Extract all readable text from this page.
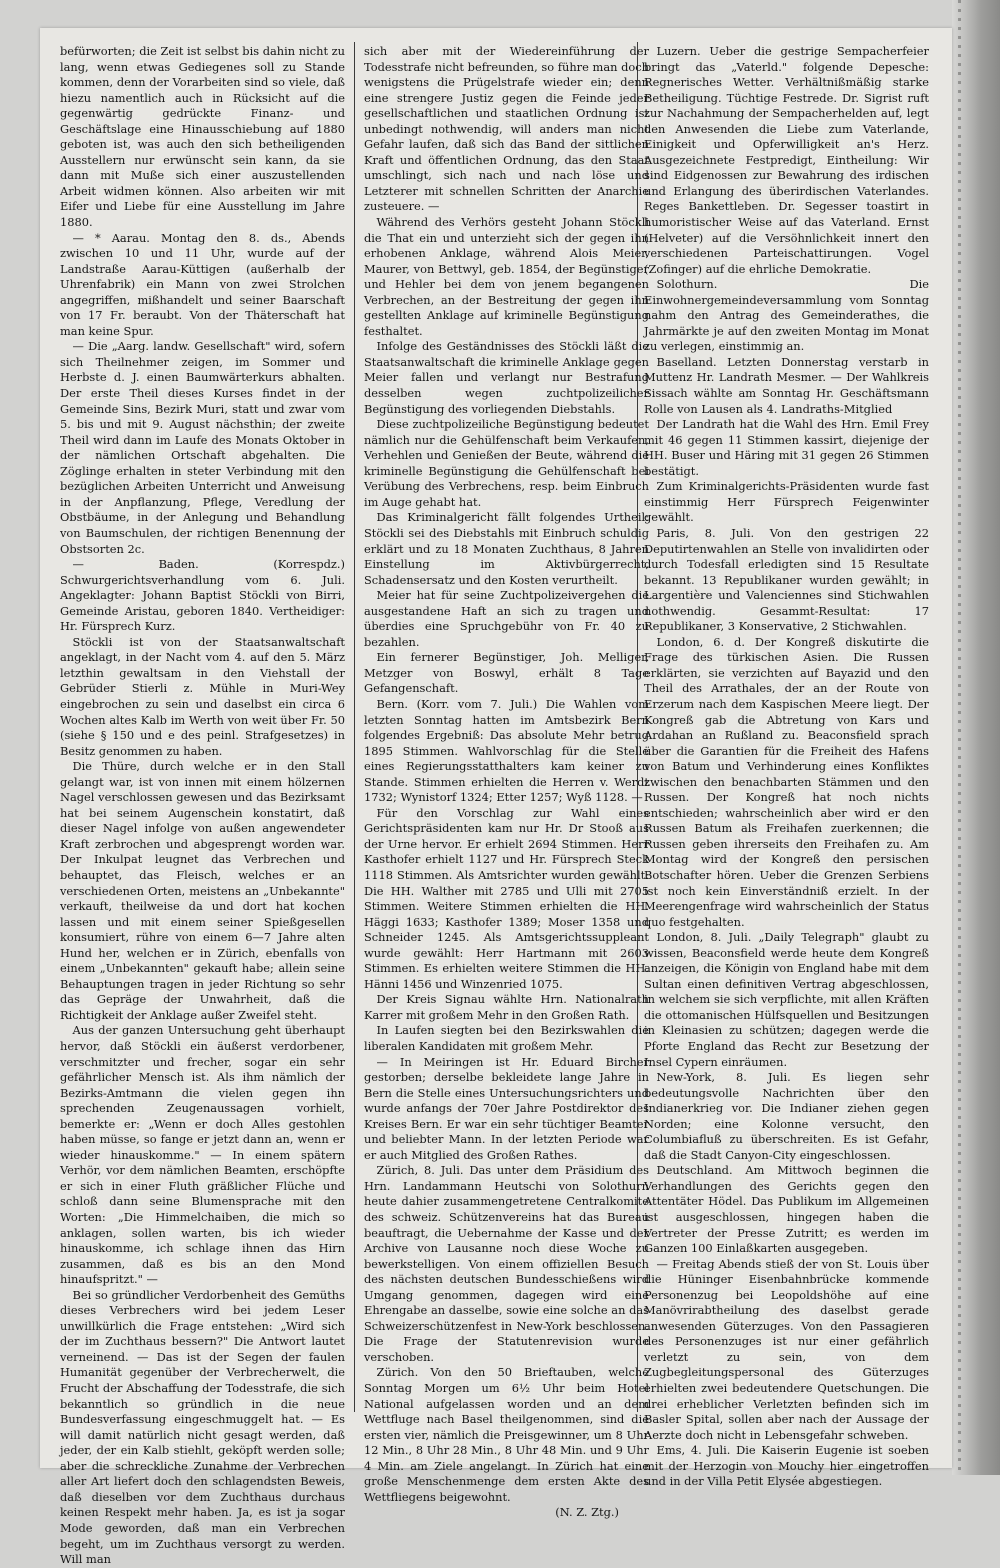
befürworten; die Zeit ist selbst bis dahin nicht zu lang, wenn etwas Gediegenes soll zu Stande kommen, denn der Vorarbeiten sind so viele, daß hiezu namentlich auch in Rücksicht auf die gegenwärtig gedrückte Finanz- und Geschäftslage eine Hinausschiebung auf 1880 geboten ist, was auch den sich betheiligenden Ausstellern nur erwünscht sein kann, da sie dann mit Muße sich einer auszustellenden Arbeit widmen können. Also arbeiten wir mit Eifer und Liebe für eine Ausstellung im Jahre 1880.

— * Aarau. Montag den 8. ds., Abends zwischen 10 und 11 Uhr, wurde auf der Landstraße Aarau-Küttigen (außerhalb der Uhrenfabrik) ein Mann von zwei Strolchen angegriffen, mißhandelt und seiner Baarschaft von 17 Fr. beraubt. Von der Thäterschaft hat man keine Spur.

— Die „Aarg. landw. Gesellschaft" wird, sofern sich Theilnehmer zeigen, im Sommer und Herbste d. J. einen Baumwärterkurs abhalten. Der erste Theil dieses Kurses findet in der Gemeinde Sins, Bezirk Muri, statt und zwar vom 5. bis und mit 9. August nächsthin; der zweite Theil wird dann im Laufe des Monats Oktober in der nämlichen Ortschaft abgehalten. Die Zöglinge erhalten in steter Verbindung mit den bezüglichen Arbeiten Unterricht und Anweisung in der Anpflanzung, Pflege, Veredlung der Obstbäume, in der Anlegung und Behandlung von Baumschulen, der richtigen Benennung der Obstsorten 2c.

— Baden. (Korrespdz.) Schwurgerichtsverhandlung vom 6. Juli. Angeklagter: Johann Baptist Stöckli von Birri, Gemeinde Aristau, geboren 1840. Vertheidiger: Hr. Fürsprech Kurz.

Stöckli ist von der Staatsanwaltschaft angeklagt, in der Nacht vom 4. auf den 5. März letzthin gewaltsam in den Viehstall der Gebrüder Stierli z. Mühle in Muri-Wey eingebrochen zu sein und daselbst ein circa 6 Wochen altes Kalb im Werth von weit über Fr. 50 (siehe § 150 und e des peinl. Strafgesetzes) in Besitz genommen zu haben.

Die Thüre, durch welche er in den Stall gelangt war, ist von innen mit einem hölzernen Nagel verschlossen gewesen und das Bezirksamt hat bei seinem Augenschein konstatirt, daß dieser Nagel infolge von außen angewendeter Kraft zerbrochen und abgesprengt worden war. Der Inkulpat leugnet das Verbrechen und behauptet, das Fleisch, welches er an verschiedenen Orten, meistens an „Unbekannte" verkauft, theilweise da und dort hat kochen lassen und mit einem seiner Spießgesellen konsumiert, rühre von einem 6—7 Jahre alten Hund her, welchen er in Zürich, ebenfalls von einem „Unbekannten" gekauft habe; allein seine Behauptungen tragen in jeder Richtung so sehr das Gepräge der Unwahrheit, daß die Richtigkeit der Anklage außer Zweifel steht.

Aus der ganzen Untersuchung geht überhaupt hervor, daß Stöckli ein äußerst verdorbener, verschmitzter und frecher, sogar ein sehr gefährlicher Mensch ist. Als ihm nämlich der Bezirks-Amtmann die vielen gegen ihn sprechenden Zeugenaussagen vorhielt, bemerkte er: „Wenn er doch Alles gestohlen haben müsse, so fange er jetzt dann an, wenn er wieder hinauskomme." — In einem spätern Verhör, vor dem nämlichen Beamten, erschöpfte er sich in einer Fluth gräßlicher Flüche und schloß dann seine Blumensprache mit den Worten: „Die Himmelchaiben, die mich so anklagen, sollen warten, bis ich wieder hinauskomme, ich schlage ihnen das Hirn zusammen, daß es bis an den Mond hinaufspritzt." —

Bei so gründlicher Verdorbenheit des Gemüths dieses Verbrechers wird bei jedem Leser unwillkürlich die Frage entstehen: „Wird sich der im Zuchthaus bessern?" Die Antwort lautet verneinend. — Das ist der Segen der faulen Humanität gegenüber der Verbrecherwelt, die Frucht der Abschaffung der Todesstrafe, die sich bekanntlich so gründlich in die neue Bundesverfassung eingeschmuggelt hat. — Es will damit natürlich nicht gesagt werden, daß jeder, der ein Kalb stiehlt, geköpft werden solle; aber die schreckliche Zunahme der Verbrechen aller Art liefert doch den schlagendsten Beweis, daß dieselben vor dem Zuchthaus durchaus keinen Respekt mehr haben. Ja, es ist ja sogar Mode geworden, daß man ein Verbrechen begeht, um im Zuchthaus versorgt zu werden. Will man

sich aber mit der Wiedereinführung der Todesstrafe nicht befreunden, so führe man doch wenigstens die Prügelstrafe wieder ein; denn eine strengere Justiz gegen die Feinde jeder gesellschaftlichen und staatlichen Ordnung ist unbedingt nothwendig, will anders man nicht Gefahr laufen, daß sich das Band der sittlichen Kraft und öffentlichen Ordnung, das den Staat umschlingt, sich nach und nach löse und Letzterer mit schnellen Schritten der Anarchie zusteuere. —

Während des Verhörs gesteht Johann Stöckli die That ein und unterzieht sich der gegen ihn erhobenen Anklage, während Alois Meier, Maurer, von Bettwyl, geb. 1854, der Begünstiger und Hehler bei dem von jenem begangenen Verbrechen, an der Bestreitung der gegen ihn gestellten Anklage auf kriminelle Begünstigung festhaltet.

Infolge des Geständnisses des Stöckli läßt die Staatsanwaltschaft die kriminelle Anklage gegen Meier fallen und verlangt nur Bestrafung desselben wegen zuchtpolizeilicher Begünstigung des vorliegenden Diebstahls.

Diese zuchtpolizeiliche Begünstigung bedeutet nämlich nur die Gehülfenschaft beim Verkaufen, Verhehlen und Genießen der Beute, während die kriminelle Begünstigung die Gehülfenschaft bei Verübung des Verbrechens, resp. beim Einbruch im Auge gehabt hat.

Das Kriminalgericht fällt folgendes Urtheil: Stöckli sei des Diebstahls mit Einbruch schuldig erklärt und zu 18 Monaten Zuchthaus, 8 Jahren Einstellung im Aktivbürgerrecht, Schadensersatz und den Kosten verurtheilt.

Meier hat für seine Zuchtpolizeivergehen die ausgestandene Haft an sich zu tragen und überdies eine Spruchgebühr von Fr. 40 zu bezahlen.

Ein fernerer Begünstiger, Joh. Melliger, Metzger von Boswyl, erhält 8 Tage Gefangenschaft.

Bern. (Korr. vom 7. Juli.) Die Wahlen vom letzten Sonntag hatten im Amtsbezirk Bern folgendes Ergebniß: Das absolute Mehr betrug 1895 Stimmen. Wahlvorschlag für die Stelle eines Regierungsstatthalters kam keiner zu Stande. Stimmen erhielten die Herren v. Werdt 1732; Wynistorf 1324; Etter 1257; Wyß 1128. —

Für den Vorschlag zur Wahl eines Gerichtspräsidenten kam nur Hr. Dr Stooß aus der Urne hervor. Er erhielt 2694 Stimmen. Herr Kasthofer erhielt 1127 und Hr. Fürsprech Steck 1118 Stimmen. Als Amtsrichter wurden gewählt: Die HH. Walther mit 2785 und Ulli mit 2705 Stimmen. Weitere Stimmen erhielten die HH. Häggi 1633; Kasthofer 1389; Moser 1358 und Schneider 1245. Als Amtsgerichtssuppleant wurde gewählt: Herr Hartmann mit 2603 Stimmen. Es erhielten weitere Stimmen die HH. Hänni 1456 und Winzenried 1075.

Der Kreis Signau wählte Hrn. Nationalrath Karrer mit großem Mehr in den Großen Rath.

In Laufen siegten bei den Bezirkswahlen die liberalen Kandidaten mit großem Mehr.

— In Meiringen ist Hr. Eduard Bircher gestorben; derselbe bekleidete lange Jahre in Bern die Stelle eines Untersuchungsrichters und wurde anfangs der 70er Jahre Postdirektor des Kreises Bern. Er war ein sehr tüchtiger Beamter und beliebter Mann. In der letzten Periode war er auch Mitglied des Großen Rathes.

Zürich, 8. Juli. Das unter dem Präsidium des Hrn. Landammann Heutschi von Solothurn heute dahier zusammengetretene Centralkomite des schweiz. Schützenvereins hat das Bureau beauftragt, die Uebernahme der Kasse und der Archive von Lausanne noch diese Woche zu bewerkstelligen. Von einem offiziellen Besuch des nächsten deutschen Bundesschießens wird Umgang genommen, dagegen wird eine Ehrengabe an dasselbe, sowie eine solche an das Schweizerschützenfest in New-York beschlossen. Die Frage der Statutenrevision wurde verschoben.

Zürich. Von den 50 Brieftauben, welche Sonntag Morgen um 6½ Uhr beim Hotel National aufgelassen worden und an dem Wettfluge nach Basel theilgenommen, sind die ersten vier, nämlich die Preisgewinner, um 8 Uhr 12 Min., 8 Uhr 28 Min., 8 Uhr 48 Min. und 9 Uhr 4 Min. am Ziele angelangt. In Zürich hat eine große Menschenmenge dem ersten Akte des Wettfliegens beigewohnt.

(N. Z. Ztg.)

Luzern. Ueber die gestrige Sempacherfeier bringt das „Vaterld." folgende Depesche: Regnerisches Wetter. Verhältnißmäßig starke Betheiligung. Tüchtige Festrede. Dr. Sigrist ruft zur Nachahmung der Sempacherhelden auf, legt den Anwesenden die Liebe zum Vaterlande, Einigkeit und Opferwilligkeit an's Herz. Ausgezeichnete Festpredigt, Eintheilung: Wir sind Eidgenossen zur Bewahrung des irdischen und Erlangung des überirdischen Vaterlandes. Reges Bankettleben. Dr. Segesser toastirt in humoristischer Weise auf das Vaterland. Ernst (Helveter) auf die Versöhnlichkeit innert den verschiedenen Parteischattirungen. Vogel (Zofinger) auf die ehrliche Demokratie.

Solothurn. Die Einwohnergemeindeversammlung vom Sonntag nahm den Antrag des Gemeinderathes, die Jahrmärkte je auf den zweiten Montag im Monat zu verlegen, einstimmig an.

Baselland. Letzten Donnerstag verstarb in Muttenz Hr. Landrath Mesmer. — Der Wahlkreis Sissach wählte am Sonntag Hr. Geschäftsmann Rolle von Lausen als 4. Landraths-Mitglied

Der Landrath hat die Wahl des Hrn. Emil Frey mit 46 gegen 11 Stimmen kassirt, diejenige der HH. Buser und Häring mit 31 gegen 26 Stimmen bestätigt.

Zum Kriminalgerichts-Präsidenten wurde fast einstimmig Herr Fürsprech Feigenwinter gewählt.

Paris, 8. Juli. Von den gestrigen 22 Deputirtenwahlen an Stelle von invalidirten oder durch Todesfall erledigten sind 15 Resultate bekannt. 13 Republikaner wurden gewählt; in Largentière und Valenciennes sind Stichwahlen nothwendig. Gesammt-Resultat: 17 Republikaner, 3 Konservative, 2 Stichwahlen.

London, 6. d. Der Kongreß diskutirte die Frage des türkischen Asien. Die Russen erklärten, sie verzichten auf Bayazid und den Theil des Arrathales, der an der Route von Erzerum nach dem Kaspischen Meere liegt. Der Kongreß gab die Abtretung von Kars und Ardahan an Rußland zu. Beaconsfield sprach über die Garantien für die Freiheit des Hafens von Batum und Verhinderung eines Konfliktes zwischen den benachbarten Stämmen und den Russen. Der Kongreß hat noch nichts entschieden; wahrscheinlich aber wird er den Russen Batum als Freihafen zuerkennen; die Russen geben ihrerseits den Freihafen zu. Am Montag wird der Kongreß den persischen Botschafter hören. Ueber die Grenzen Serbiens ist noch kein Einverständniß erzielt. In der Meerengenfrage wird wahrscheinlich der Status quo festgehalten.

London, 8. Juli. „Daily Telegraph" glaubt zu wissen, Beaconsfield werde heute dem Kongreß anzeigen, die Königin von England habe mit dem Sultan einen definitiven Vertrag abgeschlossen, in welchem sie sich verpflichte, mit allen Kräften die ottomanischen Hülfsquellen und Besitzungen in Kleinasien zu schützen; dagegen werde die Pforte England das Recht zur Besetzung der Insel Cypern einräumen.

New-York, 8. Juli. Es liegen sehr bedeutungsvolle Nachrichten über den Indianerkrieg vor. Die Indianer ziehen gegen Norden; eine Kolonne versucht, den Columbiafluß zu überschreiten. Es ist Gefahr, daß die Stadt Canyon-City eingeschlossen.

Deutschland. Am Mittwoch beginnen die Verhandlungen des Gerichts gegen den Attentäter Hödel. Das Publikum im Allgemeinen ist ausgeschlossen, hingegen haben die Vertreter der Presse Zutritt; es werden im Ganzen 100 Einlaßkarten ausgegeben.

— Freitag Abends stieß der von St. Louis über die Hüninger Eisenbahnbrücke kommende Personenzug bei Leopoldshöhe auf eine Manövrirabtheilung des daselbst gerade anwesenden Güterzuges. Von den Passagieren des Personenzuges ist nur einer gefährlich verletzt zu sein, von dem Zugbegleitungspersonal des Güterzuges erhielten zwei bedeutendere Quetschungen. Die drei erheblicher Verletzten befinden sich im Basler Spital, sollen aber nach der Aussage der Aerzte doch nicht in Lebensgefahr schweben.

Ems, 4. Juli. Die Kaiserin Eugenie ist soeben mit der Herzogin von Mouchy hier eingetroffen und in der Villa Petit Elysée abgestiegen.
